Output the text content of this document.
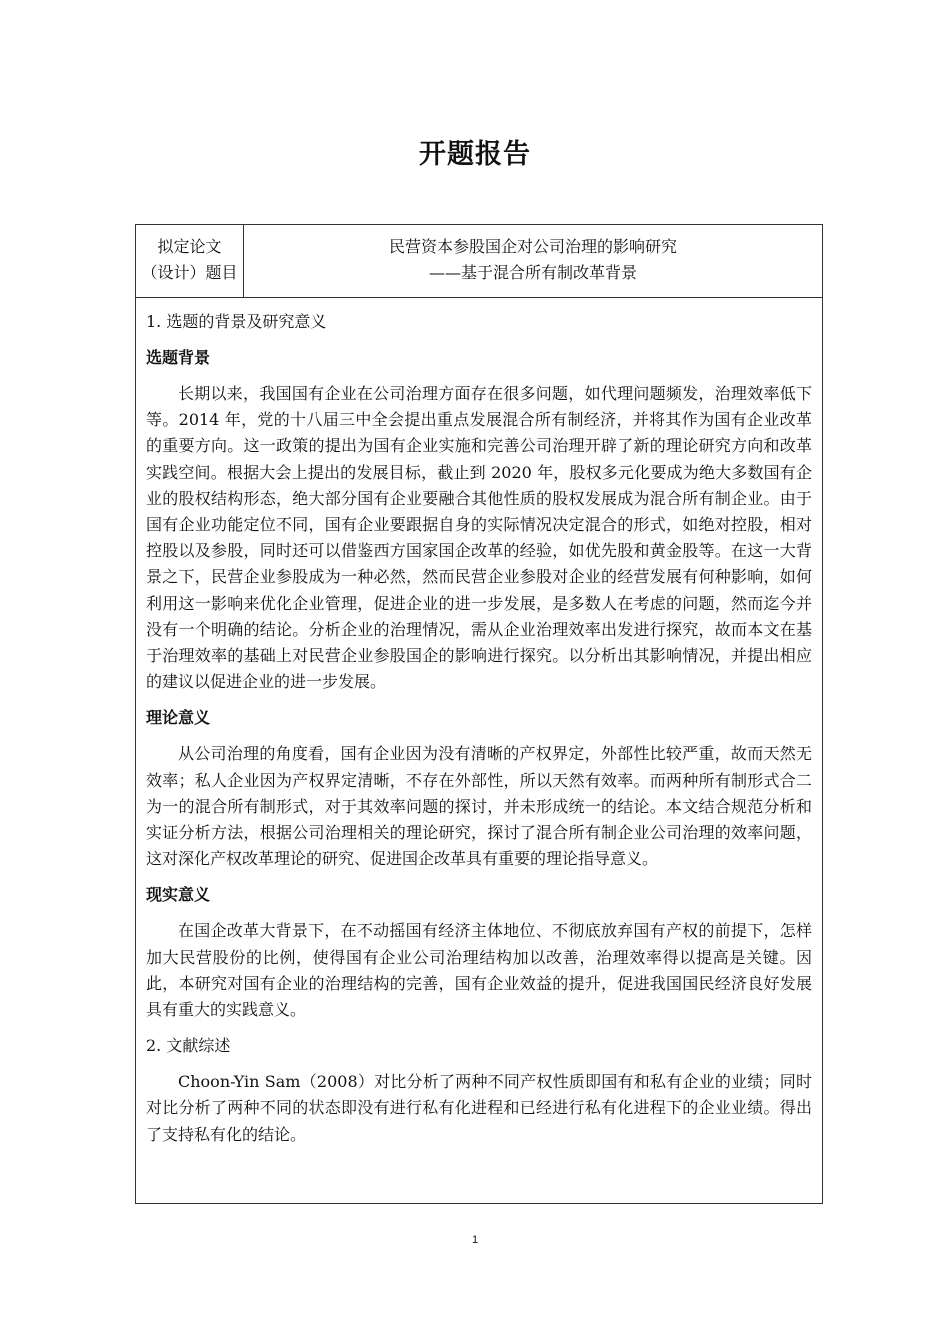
开题报告
拟定论文
（设计）题目
民营资本参股国企对公司治理的影响研究
——基于混合所有制改革背景
1. 选题的背景及研究意义
选题背景

长期以来，我国国有企业在公司治理方面存在很多问题，如代理问题频发，治理效率低下等。2014 年，党的十八届三中全会提出重点发展混合所有制经济，并将其作为国有企业改革的重要方向。这一政策的提出为国有企业实施和完善公司治理开辟了新的理论研究方向和改革实践空间。根据大会上提出的发展目标，截止到 2020 年，股权多元化要成为绝大多数国有企业的股权结构形态，绝大部分国有企业要融合其他性质的股权发展成为混合所有制企业。由于国有企业功能定位不同，国有企业要跟据自身的实际情况决定混合的形式，如绝对控股，相对控股以及参股，同时还可以借鉴西方国家国企改革的经验，如优先股和黄金股等。在这一大背景之下，民营企业参股成为一种必然，然而民营企业参股对企业的经营发展有何种影响，如何利用这一影响来优化企业管理，促进企业的进一步发展，是多数人在考虑的问题，然而迄今并没有一个明确的结论。分析企业的治理情况，需从企业治理效率出发进行探究，故而本文在基于治理效率的基础上对民营企业参股国企的影响进行探究。以分析出其影响情况，并提出相应的建议以促进企业的进一步发展。

理论意义

从公司治理的角度看，国有企业因为没有清晰的产权界定，外部性比较严重，故而天然无效率；私人企业因为产权界定清晰，不存在外部性，所以天然有效率。而两种所有制形式合二为一的混合所有制形式，对于其效率问题的探讨，并未形成统一的结论。本文结合规范分析和实证分析方法，根据公司治理相关的理论研究，探讨了混合所有制企业公司治理的效率问题，这对深化产权改革理论的研究、促进国企改革具有重要的理论指导意义。

现实意义

在国企改革大背景下，在不动摇国有经济主体地位、不彻底放弃国有产权的前提下，怎样加大民营股份的比例，使得国有企业公司治理结构加以改善，治理效率得以提高是关键。因此，本研究对国有企业的治理结构的完善，国有企业效益的提升，促进我国国民经济良好发展具有重大的实践意义。

2. 文献综述

Choon-Yin Sam（2008）对比分析了两种不同产权性质即国有和私有企业的业绩；同时对比分析了两种不同的状态即没有进行私有化进程和已经进行私有化进程下的企业业绩。得出了支持私有化的结论。

1
